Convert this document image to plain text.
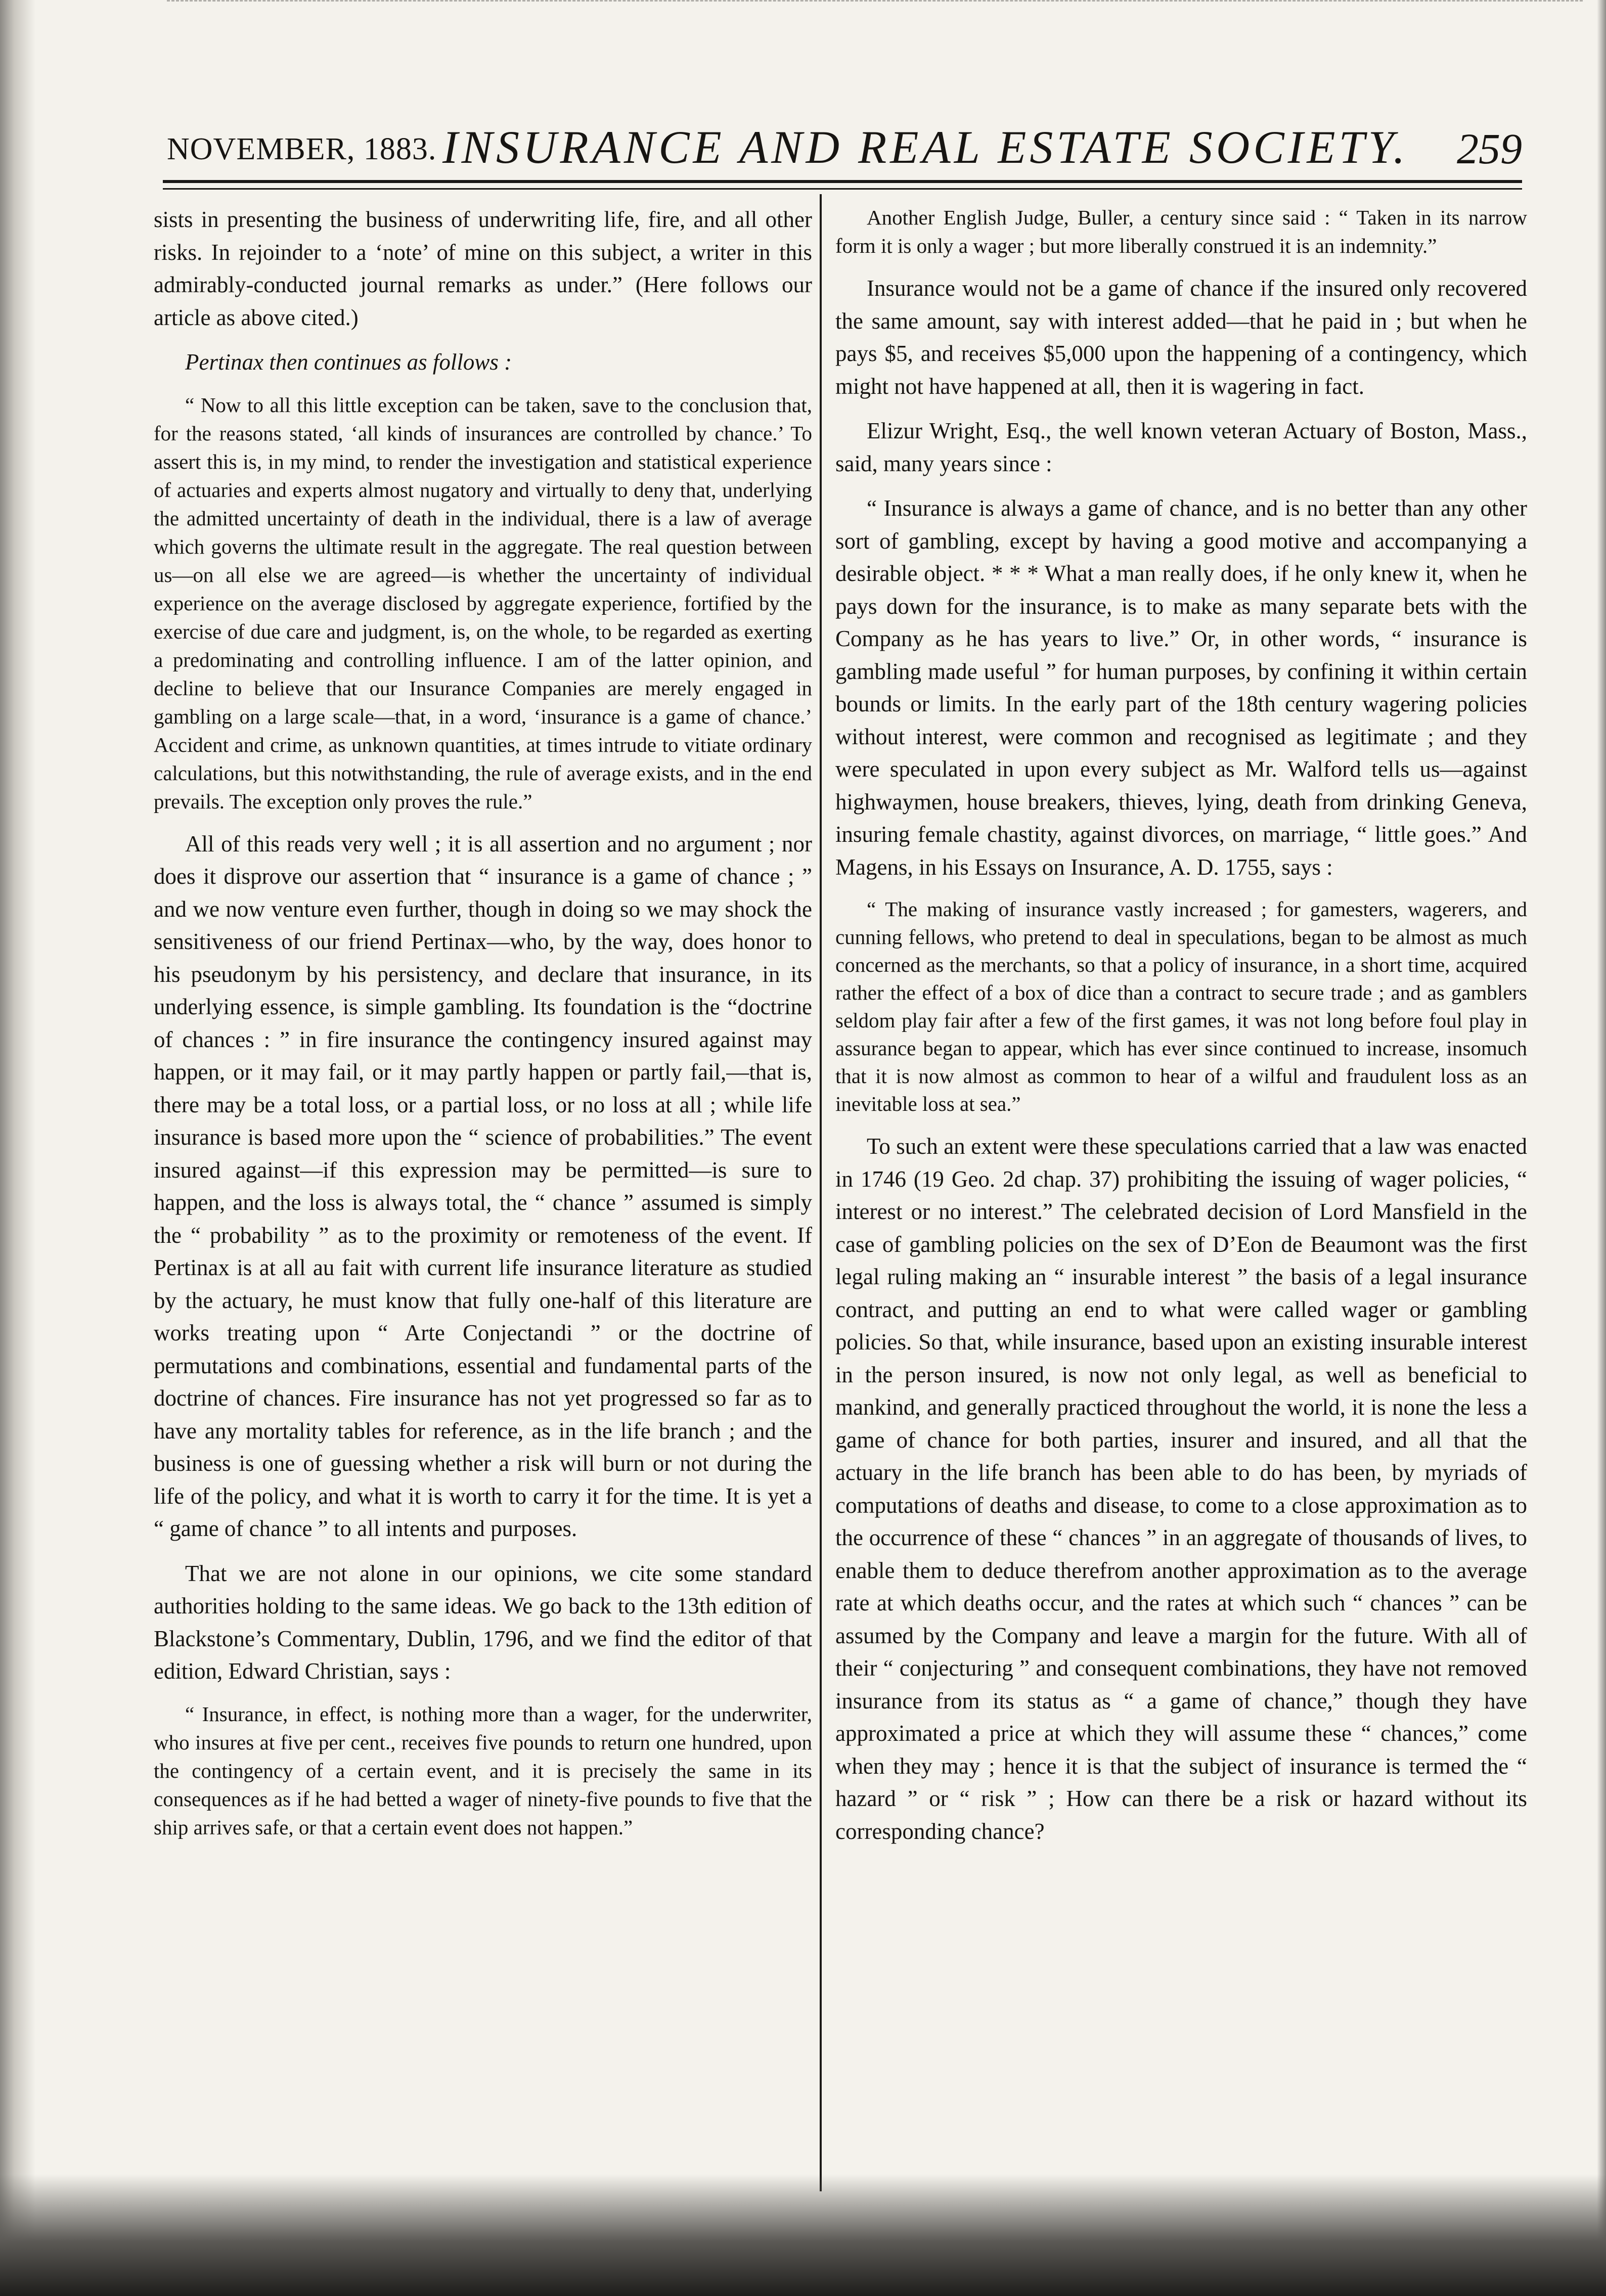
NOVEMBER, 1883. INSURANCE AND REAL ESTATE SOCIETY. 259

sists in presenting the business of underwriting life, fire, and all other risks. In rejoinder to a ‘note’ of mine on this subject, a writer in this admirably-conducted journal remarks as under.” (Here follows our article as above cited.)

Pertinax then continues as follows :

“ Now to all this little exception can be taken, save to the conclusion that, for the reasons stated, ‘all kinds of insurances are controlled by chance.’ To assert this is, in my mind, to render the investigation and statistical experience of actuaries and experts almost nugatory and virtually to deny that, underlying the admitted uncertainty of death in the individual, there is a law of average which governs the ultimate result in the aggregate. The real question between us—on all else we are agreed—is whether the uncertainty of individual experience on the average disclosed by aggregate experience, fortified by the exercise of due care and judgment, is, on the whole, to be regarded as exerting a predominating and controlling influence. I am of the latter opinion, and decline to believe that our Insurance Companies are merely engaged in gambling on a large scale—that, in a word, ‘insurance is a game of chance.’ Accident and crime, as unknown quantities, at times intrude to vitiate ordinary calculations, but this notwithstanding, the rule of average exists, and in the end prevails. The exception only proves the rule.”

All of this reads very well ; it is all assertion and no argument ; nor does it disprove our assertion that “ insurance is a game of chance ; ” and we now venture even further, though in doing so we may shock the sensitiveness of our friend Pertinax—who, by the way, does honor to his pseudonym by his persistency, and declare that insurance, in its underlying essence, is simple gambling. Its foundation is the “doctrine of chances : ” in fire insurance the contingency insured against may happen, or it may fail, or it may partly happen or partly fail,—that is, there may be a total loss, or a partial loss, or no loss at all ; while life insurance is based more upon the “ science of probabilities.” The event insured against—if this expression may be permitted—is sure to happen, and the loss is always total, the “ chance ” assumed is simply the “ probability ” as to the proximity or remoteness of the event. If Pertinax is at all au fait with current life insurance literature as studied by the actuary, he must know that fully one-half of this literature are works treating upon “ Arte Conjectandi ” or the doctrine of permutations and combinations, essential and fundamental parts of the doctrine of chances. Fire insurance has not yet progressed so far as to have any mortality tables for reference, as in the life branch ; and the business is one of guessing whether a risk will burn or not during the life of the policy, and what it is worth to carry it for the time. It is yet a “ game of chance ” to all intents and purposes.

That we are not alone in our opinions, we cite some standard authorities holding to the same ideas. We go back to the 13th edition of Blackstone’s Commentary, Dublin, 1796, and we find the editor of that edition, Edward Christian, says :

“ Insurance, in effect, is nothing more than a wager, for the underwriter, who insures at five per cent., receives five pounds to return one hundred, upon the contingency of a certain event, and it is precisely the same in its consequences as if he had betted a wager of ninety-five pounds to five that the ship arrives safe, or that a certain event does not happen.”

Another English Judge, Buller, a century since said : “ Taken in its narrow form it is only a wager ; but more liberally construed it is an indemnity.”

Insurance would not be a game of chance if the insured only recovered the same amount, say with interest added—that he paid in ; but when he pays $5, and receives $5,000 upon the happening of a contingency, which might not have happened at all, then it is wagering in fact.

Elizur Wright, Esq., the well known veteran Actuary of Boston, Mass., said, many years since :

“ Insurance is always a game of chance, and is no better than any other sort of gambling, except by having a good motive and accompanying a desirable object. * * * What a man really does, if he only knew it, when he pays down for the insurance, is to make as many separate bets with the Company as he has years to live.” Or, in other words, “ insurance is gambling made useful ” for human purposes, by confining it within certain bounds or limits. In the early part of the 18th century wagering policies without interest, were common and recognised as legitimate ; and they were speculated in upon every subject as Mr. Walford tells us—against highwaymen, house breakers, thieves, lying, death from drinking Geneva, insuring female chastity, against divorces, on marriage, “ little goes.” And Magens, in his Essays on Insurance, A. D. 1755, says :

“ The making of insurance vastly increased ; for gamesters, wagerers, and cunning fellows, who pretend to deal in speculations, began to be almost as much concerned as the merchants, so that a policy of insurance, in a short time, acquired rather the effect of a box of dice than a contract to secure trade ; and as gamblers seldom play fair after a few of the first games, it was not long before foul play in assurance began to appear, which has ever since continued to increase, insomuch that it is now almost as common to hear of a wilful and fraudulent loss as an inevitable loss at sea.”

To such an extent were these speculations carried that a law was enacted in 1746 (19 Geo. 2d chap. 37) prohibiting the issuing of wager policies, “ interest or no interest.” The celebrated decision of Lord Mansfield in the case of gambling policies on the sex of D’Eon de Beaumont was the first legal ruling making an “ insurable interest ” the basis of a legal insurance contract, and putting an end to what were called wager or gambling policies. So that, while insurance, based upon an existing insurable interest in the person insured, is now not only legal, as well as beneficial to mankind, and generally practiced throughout the world, it is none the less a game of chance for both parties, insurer and insured, and all that the actuary in the life branch has been able to do has been, by myriads of computations of deaths and disease, to come to a close approximation as to the occurrence of these “ chances ” in an aggregate of thousands of lives, to enable them to deduce therefrom another approximation as to the average rate at which deaths occur, and the rates at which such “ chances ” can be assumed by the Company and leave a margin for the future. With all of their “ conjecturing ” and consequent combinations, they have not removed insurance from its status as “ a game of chance,” though they have approximated a price at which they will assume these “ chances,” come when they may ; hence it is that the subject of insurance is termed the “ hazard ” or “ risk ” ; How can there be a risk or hazard without its corresponding chance?
